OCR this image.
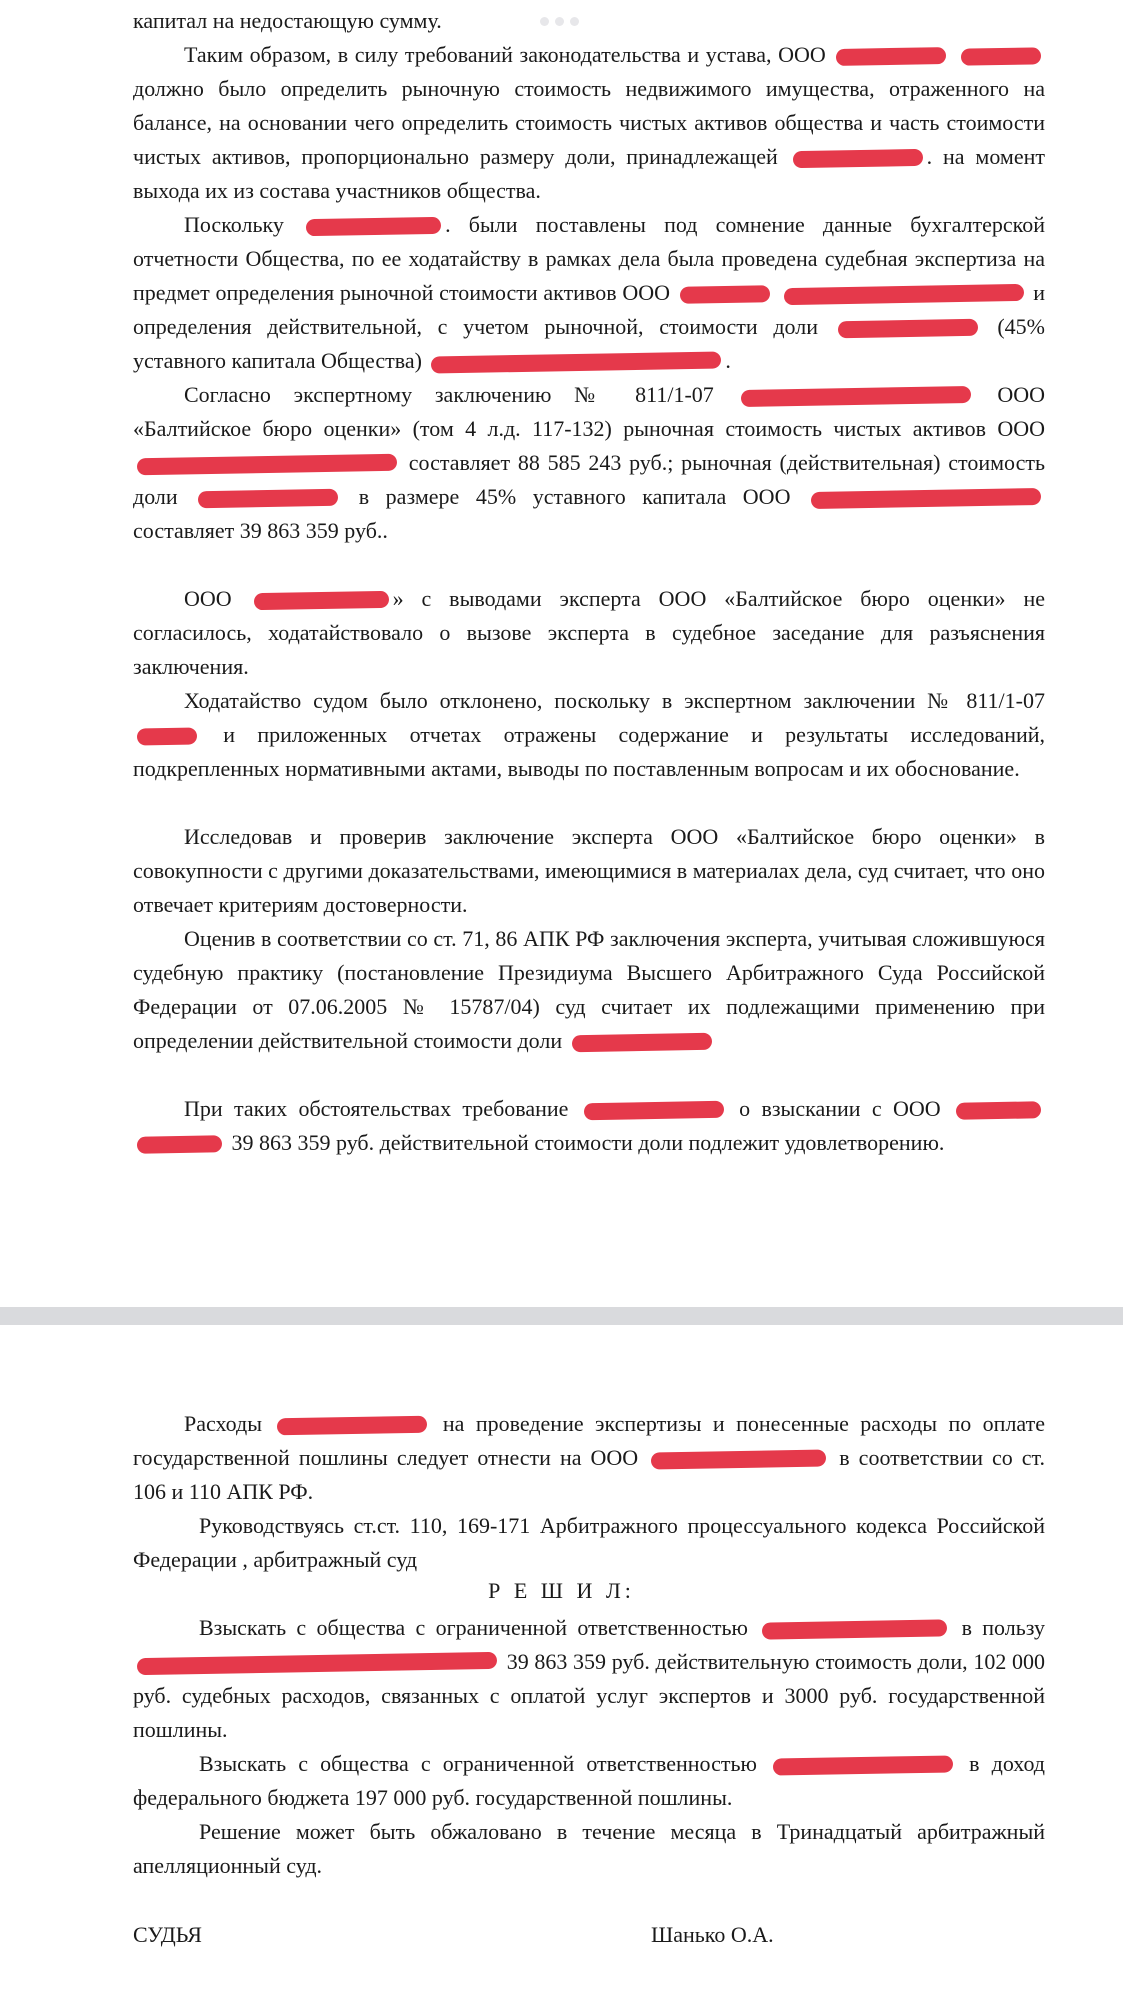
капитал на недостающую сумму.

Таким образом, в силу требований законодательства и устава, ООО   должно было определить рыночную стоимость недвижимого имущества, отраженного на балансе, на основании чего определить стоимость чистых активов общества и часть стоимости чистых активов, пропорционально размеру доли, принадлежащей	. на момент выхода их из состава участников общества.

Поскольку	. были поставлены под сомнение данные бухгалтерской отчетности Общества, по ее ходатайству в рамках дела была проведена судебная экспертиза на предмет определения рыночной стоимости активов ООО	и определения действительной, с учетом рыночной, стоимости доли	(45% уставного капитала Общества)	.

Согласно экспертному заключению № 811/1-07	ООО «Балтийское бюро оценки» (том 4 л.д. 117-132) рыночная стоимость чистых активов ООО  составляет 88 585 243 руб.; рыночная (действительная) стоимость доли	в размере 45% уставного капитала ООО  составляет 39 863 359 руб..

ООО	» с выводами эксперта ООО «Балтийское бюро оценки» не согласилось, ходатайствовало о вызове эксперта в судебное заседание для разъяснения заключения.

Ходатайство судом было отклонено, поскольку в экспертном заключении № 811/1-07 и приложенных отчетах отражены содержание и результаты исследований, подкрепленных нормативными актами, выводы по поставленным вопросам и их обоснование.

Исследовав и проверив заключение эксперта ООО «Балтийское бюро оценки» в совокупности с другими доказательствами, имеющимися в материалах дела, суд считает, что оно отвечает критериям достоверности.

Оценив в соответствии со ст. 71, 86 АПК РФ заключения эксперта, учитывая сложившуюся судебную практику (постановление Президиума Высшего Арбитражного Суда Российской Федерации от 07.06.2005 № 15787/04) суд считает их подлежащими применению при определении действительной стоимости доли

При таких обстоятельствах требование	о взыскании с ООО   39 863 359 руб. действительной стоимости доли подлежит удовлетворению.

Расходы	на проведение экспертизы и понесенные расходы по оплате государственной пошлины следует отнести на ООО	в соответствии со ст. 106 и 110 АПК РФ.

Руководствуясь ст.ст. 110, 169-171 Арбитражного процессуального кодекса Российской Федерации , арбитражный суд

Р Е Ш И Л:

Взыскать с общества с ограниченной ответственностью	в пользу  39 863 359 руб. действительную стоимость доли, 102 000 руб. судебных расходов, связанных с оплатой услуг экспертов и 3000 руб. государственной пошлины.

Взыскать с общества с ограниченной ответственностью	в доход федерального бюджета 197 000 руб. государственной пошлины.

Решение может быть обжаловано в течение месяца в Тринадцатый арбитражный апелляционный суд.

СУДЬЯ	Шанько О.А.
